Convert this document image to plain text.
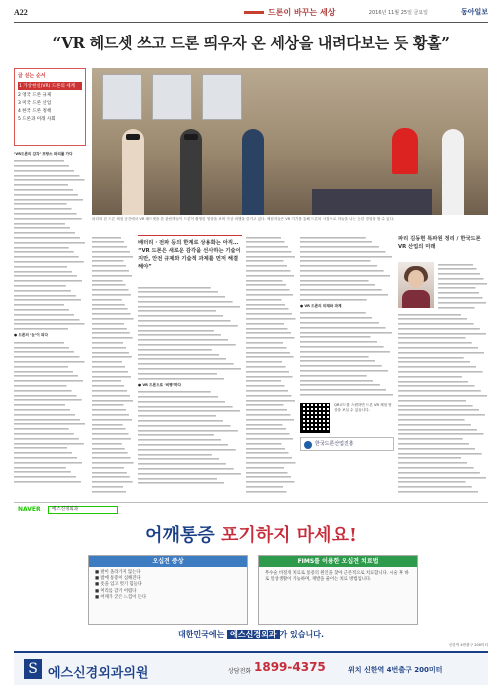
A22	드론이 바꾸는 세상	2016년 11월 25일 금요일	동아일보
“VR 헤드셋 쓰고 드론 띄우자 온 세상을 내려다보는 듯 황홀”
글 싣는 순서
1 가상현실(VR) 드론의 세계
2 영국 드론 규제
3 미국 드론 산업
4 한국 드론 정책
5 드론과 미래 사회
‘VR드론의 감각’ 프랑스 파리를 가다
● 드론의 ‘눈’이 되다
파리의 한 드론 체험 공간에서 VR 헤드셋을 쓴 관람객들이 드론이 촬영한 영상을 보며 가상 비행을 즐기고 있다. 체험자들은 VR 기기를 통해 드론의 시점으로 하늘을 나는 듯한 경험을 할 수 있다.
배터리 · 전파 등의 한계로 상용화는 아직… “VR 드론은 새로운 감각을 선사하는 기술이지만, 안전 규제와 기술적 과제를 먼저 해결해야”
● VR 드론으로 ‘비행’하다
● VR 드론의 미래와 과제
QR코드를 스캔하면 드론 VR 체험 영상을 보실 수 있습니다.
한국드론산업진흥
파리 김동현 특파원 정리 / 한국드론 VR 산업의 미래
NAVER	에스신경외과
어깨통증 포기하지 마세요!
오십견 증상
■ 팔이 올라가지 않는다
■ 밤에 통증이 심해진다
■ 옷을 입고 벗기 힘들다
■ 머리를 감기 어렵다
■ 어깨가 굳은 느낌이 든다
FIMS를 이용한 오십견 치료법

무수술 비절개 치료로 통증의 원인을 찾아 근본적으로 치료합니다. 시술 후 바로 일상생활이 가능하며, 재발을 줄이는 치료 방법입니다.

대한민국에는 에스신경외과 가 있습니다.
신한역 4번출구 200미터
S 에스신경외과의원	상담전화 1899-4375	위치 신한역 4번출구 200미터
